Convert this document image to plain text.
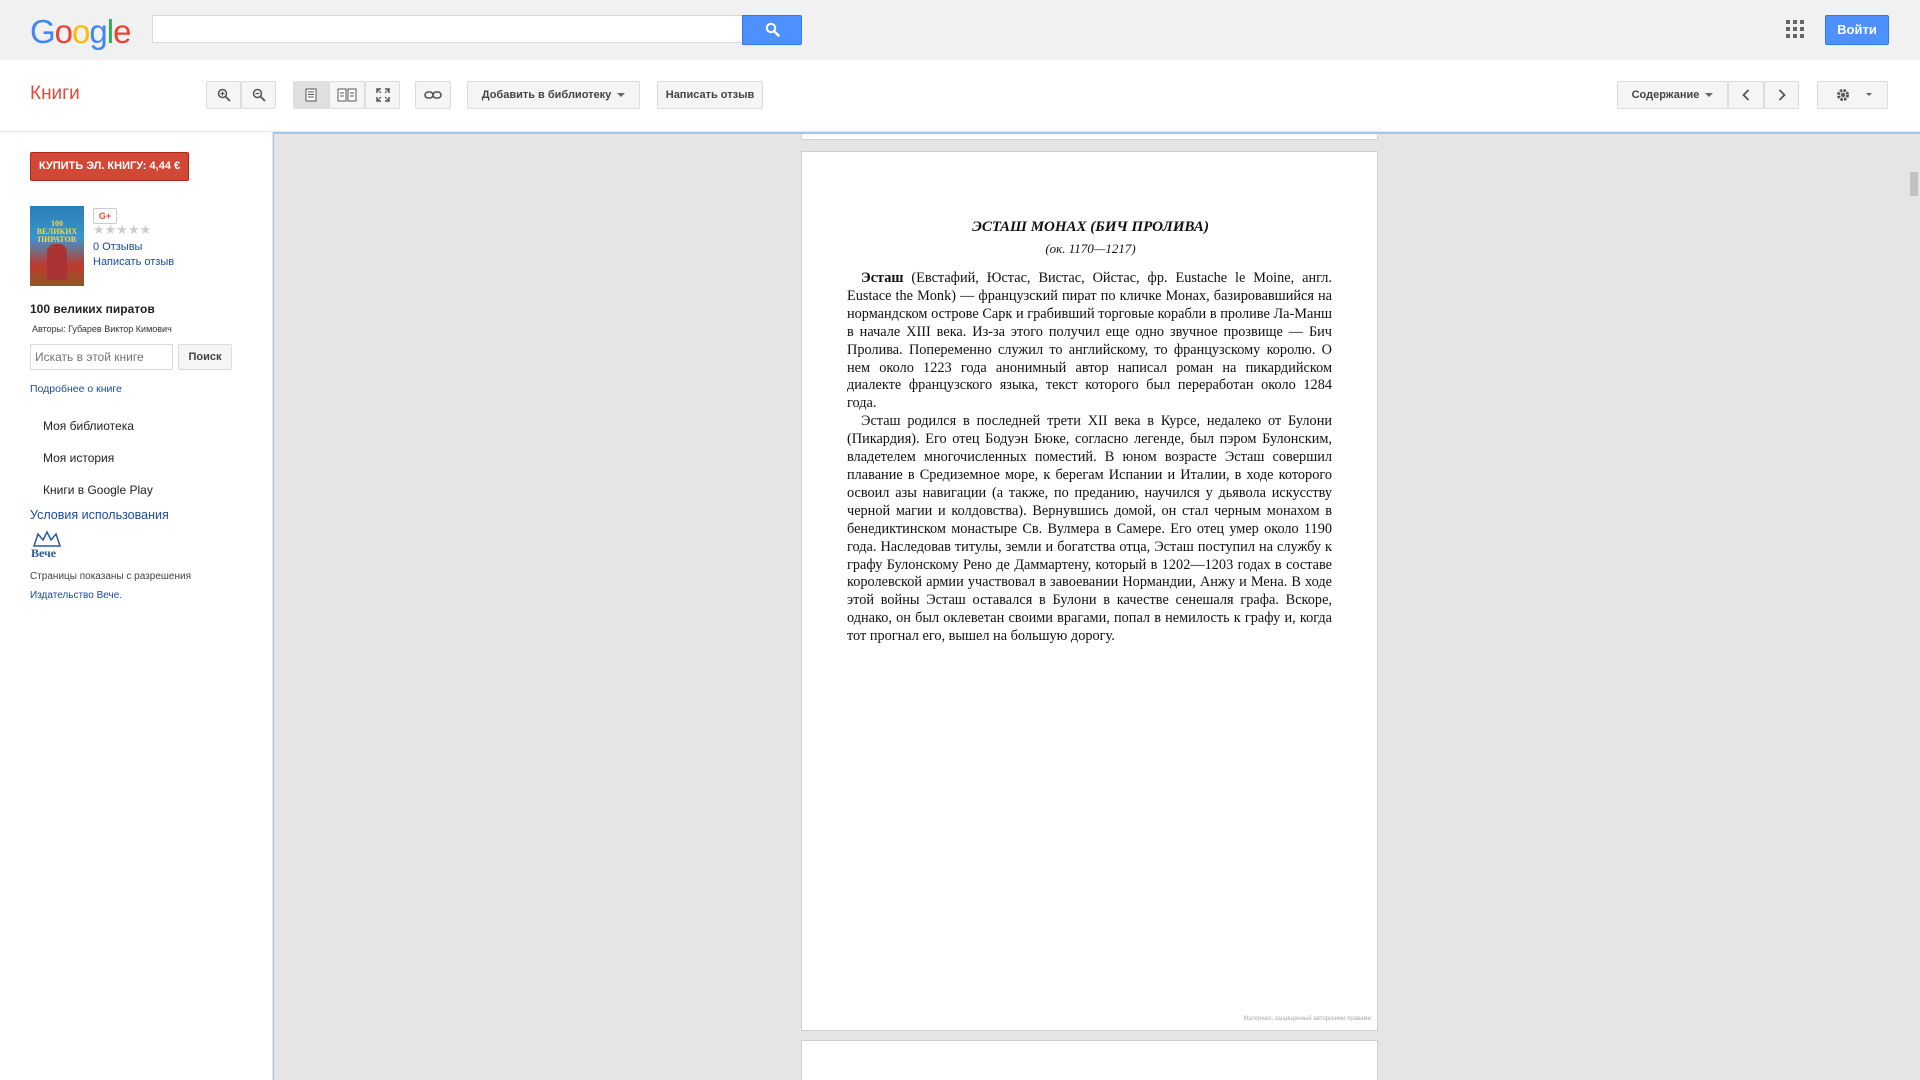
Google	Войти
Книги	Добавить в библиотеку	Написать отзыв	Содержание
КУПИТЬ ЭЛ. КНИГУ: 4,44 €
100 ВЕЛИКИХ ПИРАТОВ
G+
★★★★★
0 Отзывы
Написать отзыв
100 великих пиратов
Авторы: Губарев Виктор Кимович
Искать в этой книге
Поиск
Подробнее о книге
Моя библиотека
Моя история
Книги в Google Play
Условия использования
Вече
Страницы показаны с разрешения
Издательство Вече.
ЭСТАШ МОНАХ (БИЧ ПРОЛИВА)
(ок. 1170—1217)

Эсташ (Евстафий, Юстас, Вистас, Ойстас, фр. Eustache le Moine, англ. Eustace the Monk) — французский пират по кличке Монах, базировавшийся на нормандском острове Сарк и грабивший торговые корабли в проливе Ла-Манш в начале XIII века. Из-за этого получил еще одно звучное прозвище — Бич Пролива. Попеременно служил то английскому, то французскому королю. О нем около 1223 года анонимный автор написал роман на пикардийском диалекте французского языка, текст которого был переработан около 1284 года.

Эсташ родился в последней трети XII века в Курсе, недалеко от Булони (Пикардия). Его отец Бодуэн Бюке, согласно легенде, был пэром Булонским, владетелем многочисленных поместий. В юном возрасте Эсташ совершил плавание в Средиземное море, к берегам Испании и Италии, в ходе которого освоил азы навигации (а также, по преданию, научился у дьявола искусству черной магии и колдовства). Вернувшись домой, он стал черным монахом в бенедиктинском монастыре Св. Вулмера в Самере. Его отец умер около 1190 года. Наследовав титулы, земли и богатства отца, Эсташ поступил на службу к графу Булонскому Рено де Даммартену, который в 1202—1203 годах в составе королевской армии участвовал в завоевании Нормандии, Анжу и Мена. В ходе этой войны Эсташ оставался в Булони в качестве сенешаля графа. Вскоре, однако, он был оклеветан своими врагами, попал в немилость к графу и, когда тот прогнал его, вышел на большую дорогу.

Материал, защищенный авторскими правами
